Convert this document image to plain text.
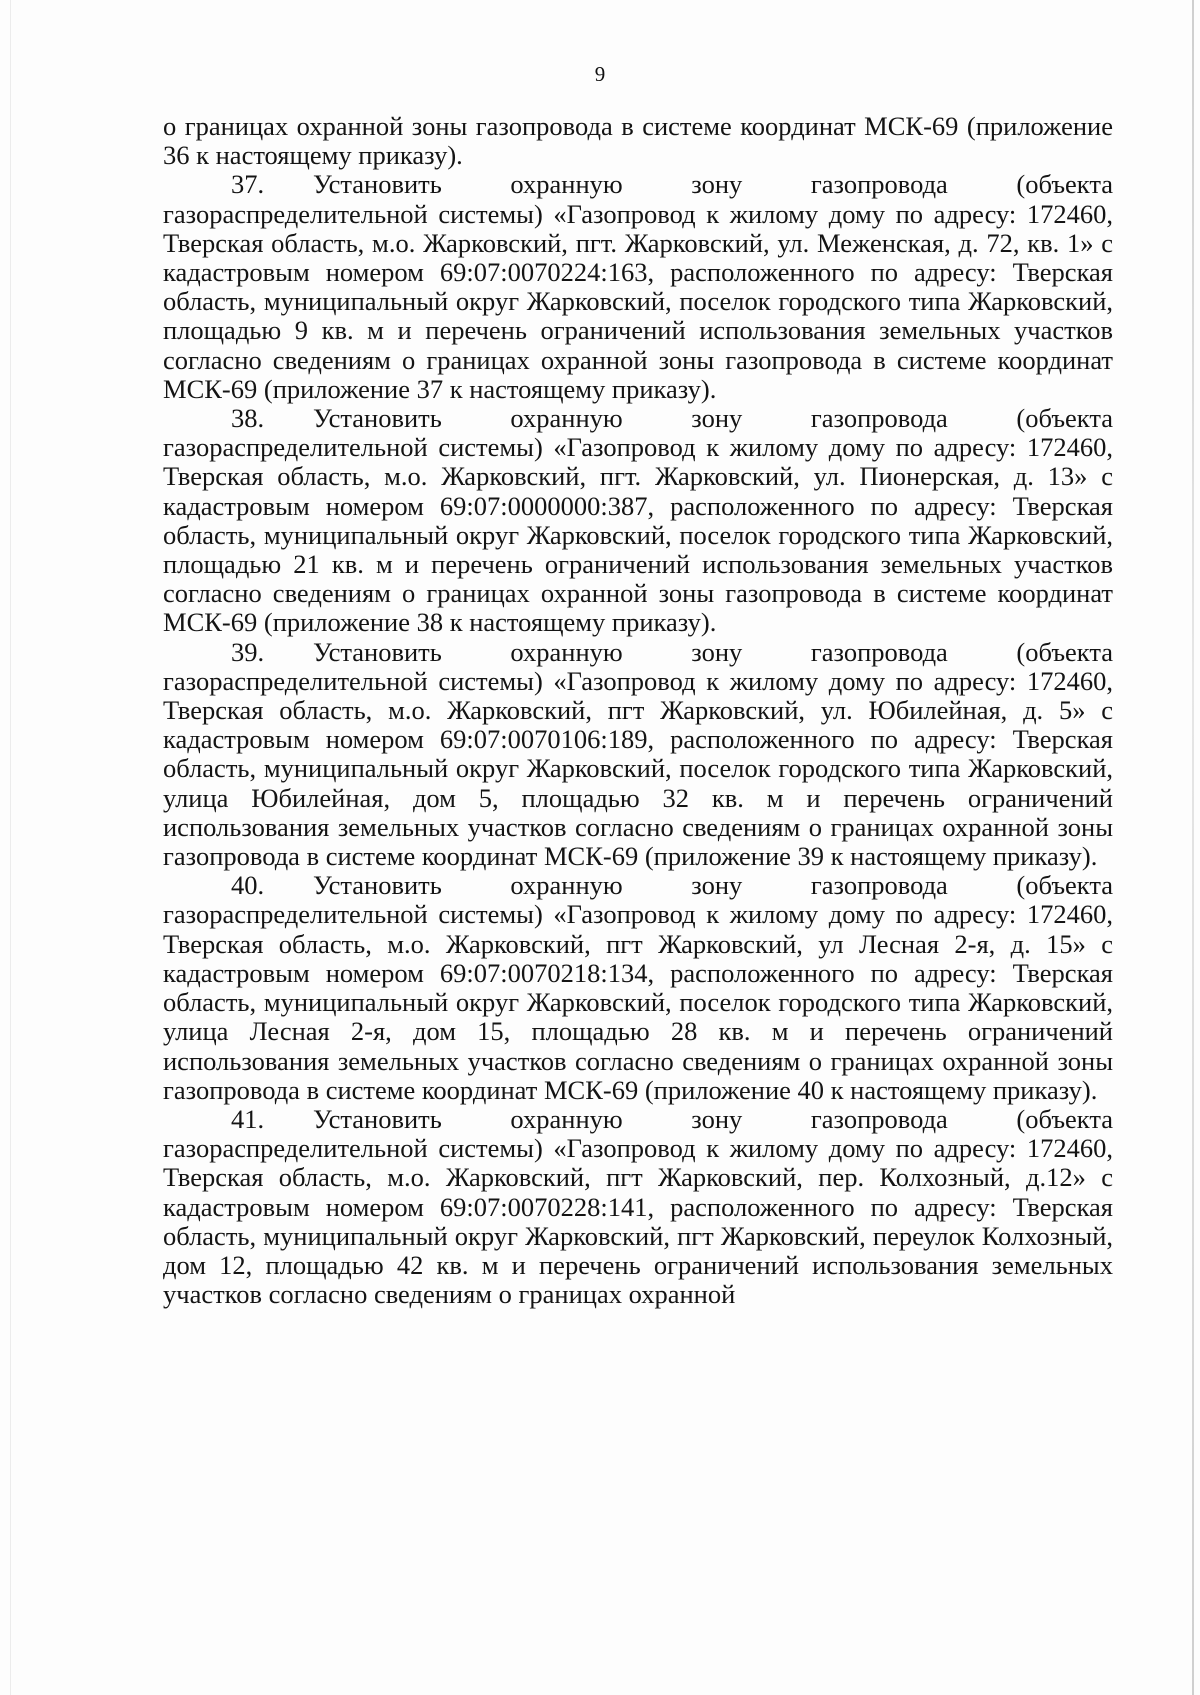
9

о границах охранной зоны газопровода в системе координат МСК-69 (приложение 36 к настоящему приказу).

37. Установить охранную зону газопровода (объекта газораспределительной системы) «Газопровод к жилому дому по адресу: 172460, Тверская область, м.о. Жарковский, пгт. Жарковский, ул. Меженская, д. 72, кв. 1» с кадастровым номером 69:07:0070224:163, расположенного по адресу: Тверская область, муниципальный округ Жарковский, поселок городского типа Жарковский, площадью 9 кв. м и перечень ограничений использования земельных участков согласно сведениям о границах охранной зоны газопровода в системе координат МСК-69 (приложение 37 к настоящему приказу).

38. Установить охранную зону газопровода (объекта газораспределительной системы) «Газопровод к жилому дому по адресу: 172460, Тверская область, м.о. Жарковский, пгт. Жарковский, ул. Пионерская, д. 13» с кадастровым номером 69:07:0000000:387, расположенного по адресу: Тверская область, муниципальный округ Жарковский, поселок городского типа Жарковский, площадью 21 кв. м и перечень ограничений использования земельных участков согласно сведениям о границах охранной зоны газопровода в системе координат МСК-69 (приложение 38 к настоящему приказу).

39. Установить охранную зону газопровода (объекта газораспределительной системы) «Газопровод к жилому дому по адресу: 172460, Тверская область, м.о. Жарковский, пгт Жарковский, ул. Юбилейная, д. 5» с кадастровым номером 69:07:0070106:189, расположенного по адресу: Тверская область, муниципальный округ Жарковский, поселок городского типа Жарковский, улица Юбилейная, дом 5, площадью 32 кв. м и перечень ограничений использования земельных участков согласно сведениям о границах охранной зоны газопровода в системе координат МСК-69 (приложение 39 к настоящему приказу).

40. Установить охранную зону газопровода (объекта газораспределительной системы) «Газопровод к жилому дому по адресу: 172460, Тверская область, м.о. Жарковский, пгт Жарковский, ул Лесная 2-я, д. 15» с кадастровым номером 69:07:0070218:134, расположенного по адресу: Тверская область, муниципальный округ Жарковский, поселок городского типа Жарковский, улица Лесная 2-я, дом 15, площадью 28 кв. м и перечень ограничений использования земельных участков согласно сведениям о границах охранной зоны газопровода в системе координат МСК-69 (приложение 40 к настоящему приказу).

41. Установить охранную зону газопровода (объекта газораспределительной системы) «Газопровод к жилому дому по адресу: 172460, Тверская область, м.о. Жарковский, пгт Жарковский, пер. Колхозный, д.12» с кадастровым номером 69:07:0070228:141, расположенного по адресу: Тверская область, муниципальный округ Жарковский, пгт Жарковский, переулок Колхозный, дом 12, площадью 42 кв. м и перечень ограничений использования земельных участков согласно сведениям о границах охранной
